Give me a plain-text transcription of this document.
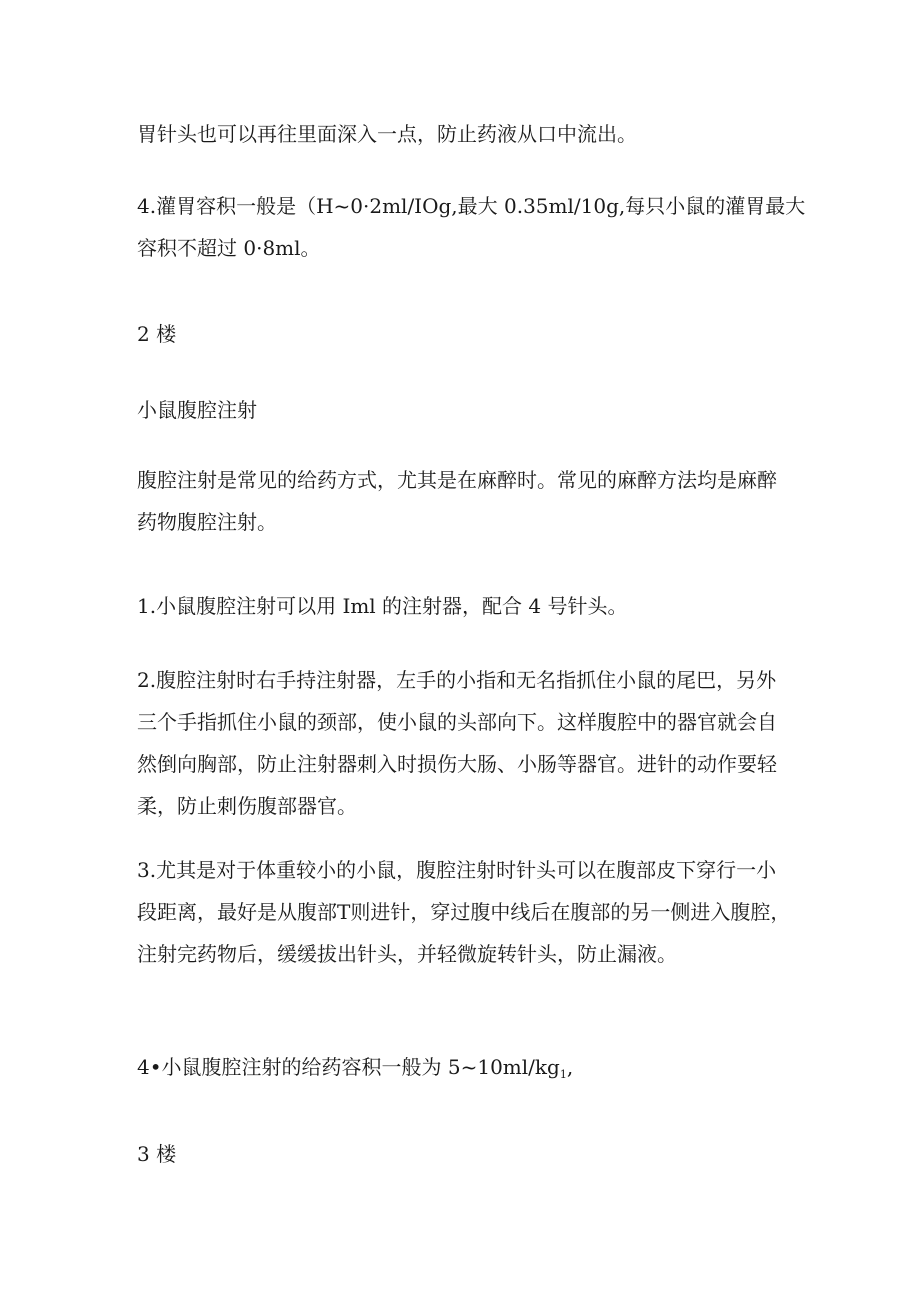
胃针头也可以再往里面深入一点，防止药液从口中流出。

4.灌胃容积一般是（H~0·2ml/IOg,最大 0.35ml/10g,每只小鼠的灌胃最大
容积不超过 0·8ml。

2 楼

小鼠腹腔注射

腹腔注射是常见的给药方式，尤其是在麻醉时。常见的麻醉方法均是麻醉
药物腹腔注射。

1.小鼠腹腔注射可以用 Iml 的注射器，配合 4 号针头。

2.腹腔注射时右手持注射器，左手的小指和无名指抓住小鼠的尾巴，另外
三个手指抓住小鼠的颈部，使小鼠的头部向下。这样腹腔中的器官就会自
然倒向胸部，防止注射器刺入时损伤大肠、小肠等器官。进针的动作要轻
柔，防止刺伤腹部器官。

3.尤其是对于体重较小的小鼠，腹腔注射时针头可以在腹部皮下穿行一小
段距离，最好是从腹部T则进针，穿过腹中线后在腹部的另一侧进入腹腔，
注射完药物后，缓缓拔出针头，并轻微旋转针头，防止漏液。

4•小鼠腹腔注射的给药容积一般为 $5\sim 10ml/kg_1$,

3 楼
